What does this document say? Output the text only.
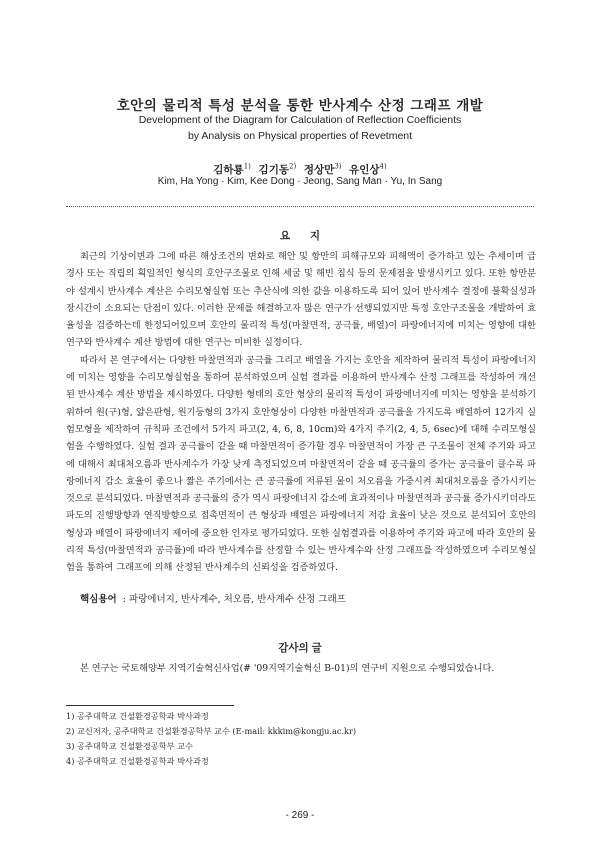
호안의 물리적 특성 분석을 통한 반사계수 산정 그래프 개발
Development of the Diagram for Calculation of Reflection Coefficients
by Analysis on Physical properties of Revetment
김하룡$^{1)}$ 김기동$^{2)}$ 정상만$^{3)}$ 유인상$^{4)}$
Kim, Ha Yong · Kim, Kee Dong · Jeong, Sang Man · Yu, In Sang
요 지

최근의 기상이변과 그에 따른 해상조건의 변화로 해안 및 항만의 피해규모와 피해액이 증가하고 있는 추세이며 급경사 또는 직립의 획일적인 형식의 호안구조물로 인해 세굴 및 해빈 침식 등의 문제점을 발생시키고 있다. 또한 항만분야 설계시 반사계수 계산은 수리모형실험 또는 추산식에 의한 값을 이용하도록 되어 있어 반사계수 결정에 불확실성과 장시간이 소요되는 단점이 있다. 이러한 문제를 해결하고자 많은 연구가 선행되었지만 특정 호안구조물을 개발하여 효율성을 검증하는데 한정되어있으며 호안의 물리적 특성(마찰면적, 공극률, 배열)이 파랑에너지에 미치는 영향에 대한 연구와 반사계수 계산 방법에 대한 연구는 미비한 실정이다.

따라서 본 연구에서는 다양한 마찰면적과 공극률 그리고 배열을 가지는 호안을 제작하여 물리적 특성이 파랑에너지에 미치는 영향을 수리모형실험을 통하여 분석하였으며 실험 결과를 이용하여 반사계수 산정 그래프를 작성하여 개선된 반사계수 계산 방법을 제시하였다. 다양한 형태의 호안 형상의 물리적 특성이 파랑에너지에 미치는 영향을 분석하기 위하여 원(구)형, 얇은판형, 원기둥형의 3가지 호안형상이 다양한 마찰면적과 공극률을 가지도록 배열하여 12가지 실험모형을 제작하여 규칙파 조건에서 5가지 파고(2, 4, 6, 8, 10cm)와 4가지 주기(2, 4, 5, 6sec)에 대해 수리모형실험을 수행하였다. 실험 결과 공극률이 같을 때 마찰면적이 증가할 경우 마찰면적이 가장 큰 구조물이 전체 주기와 파고에 대해서 최대처오름과 반사계수가 가장 낮게 측정되었으며 마찰면적이 같을 때 공극률의 증가는 공극률이 클수록 파랑에너지 감소 효율이 좋으나 짧은 주기에서는 큰 공극률에 저류된 물이 처오름을 가중시켜 최대처오름을 증가시키는 것으로 분석되었다. 마찰면적과 공극률의 증가 역시 파랑에너지 감소에 효과적이나 마찰면적과 공극률 증가시키더라도 파도의 진행방향과 연직방향으로 접촉면적이 큰 형상과 배열은 파랑에너지 저감 효율이 낮은 것으로 분석되어 호안의 형상과 배열이 파랑에너지 제어에 중요한 인자로 평가되었다. 또한 실험결과를 이용하여 주기와 파고에 따라 호안의 물리적 특성(마찰면적과 공극률)에 따라 반사계수를 산정할 수 있는 반사계수와 산정 그래프를 작성하였으며 수리모형실험을 통하여 그래프에 의해 산정된 반사계수의 신뢰성을 검증하였다.

핵심용어 : 파랑에너지, 반사계수, 처오름, 반사계수 산정 그래프
감사의 글
본 연구는 국토해양부 지역기술혁신사업(# '09지역기술혁신 B-01)의 연구비 지원으로 수행되었습니다.
1) 공주대학교 건설환경공학과 박사과정
2) 교신저자, 공주대학교 건설환경공학부 교수 (E-mail: kkkim@kongju.ac.kr)
3) 공주대학교 건설환경공학부 교수
4) 공주대학교 건설환경공학과 박사과정
- 269 -
